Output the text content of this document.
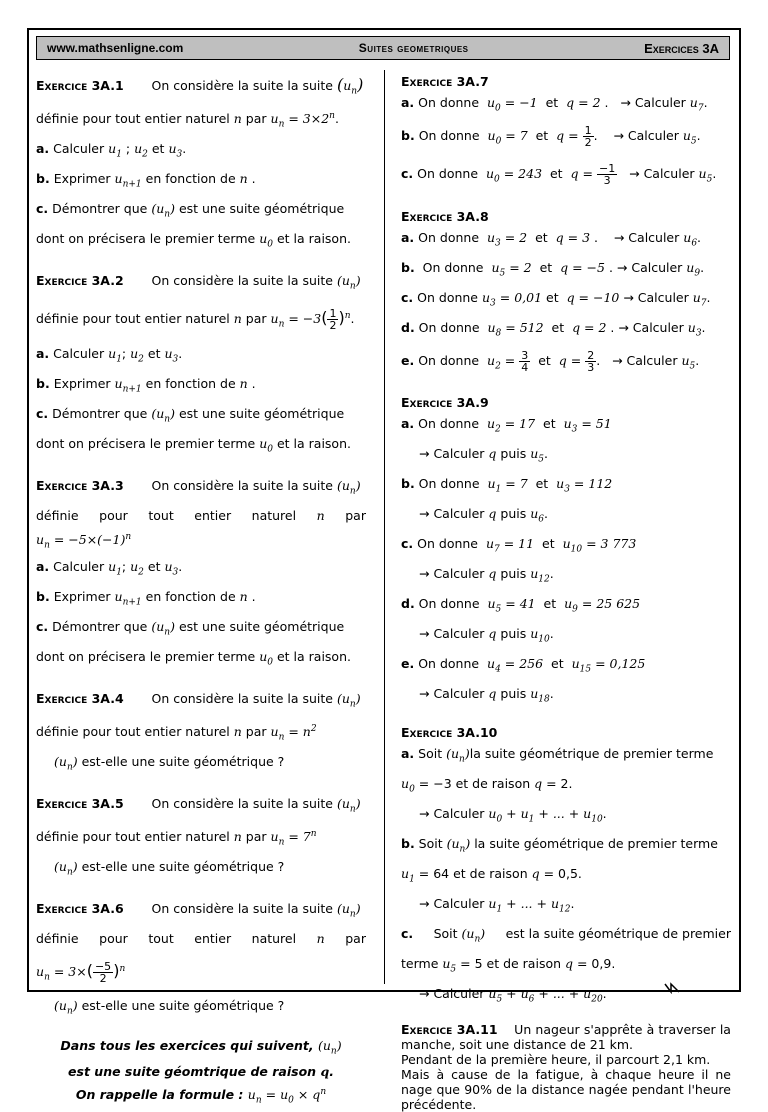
www.mathsenligne.com	Suites geometriques	Exercices 3A
Exercice 3A.1 On considère la suite la suite $(u_n)$
définie pour tout entier naturel n par $u_n = 3\times 2^n$.
a. Calculer $u_1$ ; $u_2$ et $u_3$.
b. Exprimer $u_{n+1}$ en fonction de n .
c. Démontrer que $(u_n)$ est une suite géométrique
dont on précisera le premier terme $u_0$ et la raison.
Exercice 3A.2 On considère la suite la suite $(u_n)$
définie pour tout entier naturel n par $u_n = -3( \frac{1}{2} )^n$.
a. Calculer $u_1$; $u_2$ et $u_3$.
b. Exprimer $u_{n+1}$ en fonction de n .
c. Démontrer que $(u_n)$ est une suite géométrique
dont on précisera le premier terme $u_0$ et la raison.
Exercice 3A.3 On considère la suite la suite $(u_n)$
définie pour tout entier naturel n par
$u_n = -5\times(-1)^n$
a. Calculer $u_1$; $u_2$ et $u_3$.
b. Exprimer $u_{n+1}$ en fonction de n .
c. Démontrer que $(u_n)$ est une suite géométrique
dont on précisera le premier terme $u_0$ et la raison.
Exercice 3A.4 On considère la suite la suite $(u_n)$
définie pour tout entier naturel n par $u_n = n^2$
$(u_n)$ est-elle une suite géométrique ?
Exercice 3A.5 On considère la suite la suite $(u_n)$
définie pour tout entier naturel n par $u_n = 7^n$
$(u_n)$ est-elle une suite géométrique ?
Exercice 3A.6 On considère la suite la suite $(u_n)$
définie pour tout entier naturel n par
$u_n = 3\times( \frac{-5}{2} )^n$
$(u_n)$ est-elle une suite géométrique ?
Dans tous les exercices qui suivent, $(u_n)$
est une suite géomtrique de raison q.
On rappelle la formule : $u_n = u_0 \times q^n$
Exercice 3A.7
a. On donne $u_0 = -1$  et  q = 2 .   → Calculer $u_7$.
b. On donne $u_0 = 7$  et  $q = \frac{1}{2}$ .    → Calculer $u_5$.
c. On donne $u_0 = 243$  et  $q = \frac{-1}{3}$ → Calculer $u_5$.
Exercice 3A.8
a. On donne  $u_3 = 2$  et  q = 3 .    → Calculer $u_6$.
b.  On donne  $u_5 = 2$  et  q = −5 . → Calculer $u_9$.
c. On donne $u_3 = 0,01$ et  q = −10 → Calculer $u_7$.
d. On donne  $u_8 = 512$  et  q = 2 . → Calculer $u_3$.
e. On donne  $u_2 = \frac{3}{4}$ et  $q = \frac{2}{3}$ .   → Calculer $u_5$.
Exercice 3A.9
a. On donne  $u_2 = 17$  et  $u_3 = 51$
→ Calculer q puis $u_5$.
b. On donne  $u_1 = 7$  et  $u_3 = 112$
→ Calculer q puis $u_6$.
c. On donne  $u_7 = 11$  et  $u_{10} = 3$ 773
→ Calculer q puis $u_{12}$.
d. On donne  $u_5 = 41$  et  $u_9 = 25$ 625
→ Calculer q puis $u_{10}$.
e. On donne  $u_4 = 256$  et  $u_{15} = 0,125$
→ Calculer q puis $u_{18}$.
Exercice 3A.10
a. Soit $(u_n)la$ suite géométrique de premier terme
$u_0 = -3$ et de raison q = 2.
→ Calculer $u_0 + u_1$ + ... + $u_{10}$.
b. Soit $(u_n)$ la suite géométrique de premier terme
$u_1 = 64$ et de raison q = 0,5.
→ Calculer $u_1$ + ... + $u_{12}$.
c. Soit $(u_n)$ est la suite géométrique de premier
terme $u_5 = 5$ et de raison q = 0,9.
→ Calculer $u_5 + u_6$ + ... + $u_{20}$.
Exercice 3A.11 Un nageur s'apprête à traverser la manche, soit une distance de 21 km.
Pendant de la première heure, il parcourt 2,1 km.
Mais à cause de la fatigue, à chaque heure il ne nage que 90% de la distance nagée pendant l'heure précédente.
